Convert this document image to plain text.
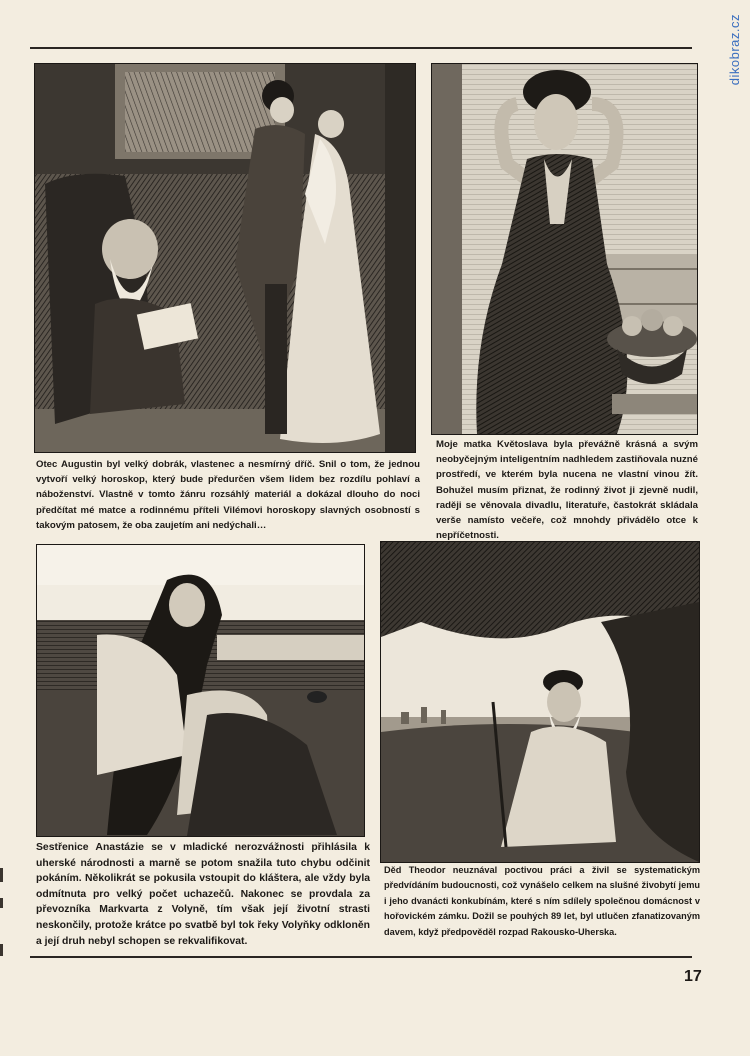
dikobraz.cz
Otec Augustin byl velký dobrák, vlastenec a nesmírný dříč. Snil o tom, že jednou vytvoří velký horoskop, který bude předurčen všem lidem bez rozdílu pohlaví a náboženství. Vlastně v tomto žánru rozsáhlý materiál a dokázal dlouho do noci předčítat mé matce a rodinnému příteli Vilémovi horoskopy slavných osobností s takovým patosem, že oba zaujetím ani nedýchali…
Moje matka Květoslava byla převážně krásná a svým neobyčejným inteligentním nadhledem zastiňovala nuzné prostředí, ve kterém byla nucena ne vlastní vinou žít. Bohužel musím přiznat, že rodinný život ji zjevně nudil, raději se věnovala divadlu, literatuře, častokrát skládala verše namísto večeře, což mnohdy přivádělo otce k nepříčetnosti.
Sestřenice Anastázie se v mladické nerozvážnosti přihlásila k uherské národnosti a marně se potom snažila tuto chybu odčinit pokáním. Několikrát se pokusila vstoupit do kláštera, ale vždy byla odmítnuta pro velký počet uchazečů. Nakonec se provdala za převozníka Markvarta z Volyně, tím však její životní strasti neskončily, protože krátce po svatbě byl tok řeky Volyňky odkloněn a její druh nebyl schopen se rekvalifikovat.
Děd Theodor neuznával poctivou práci a živil se systematickým předvídáním budoucnosti, což vynášelo celkem na slušné živobytí jemu i jeho dvanácti konkubínám, které s ním sdílely společnou domácnost v hořovickém zámku. Dožil se pouhých 89 let, byl utlučen zfanatizovaným davem, když předpověděl rozpad Rakousko-Uherska.
17
